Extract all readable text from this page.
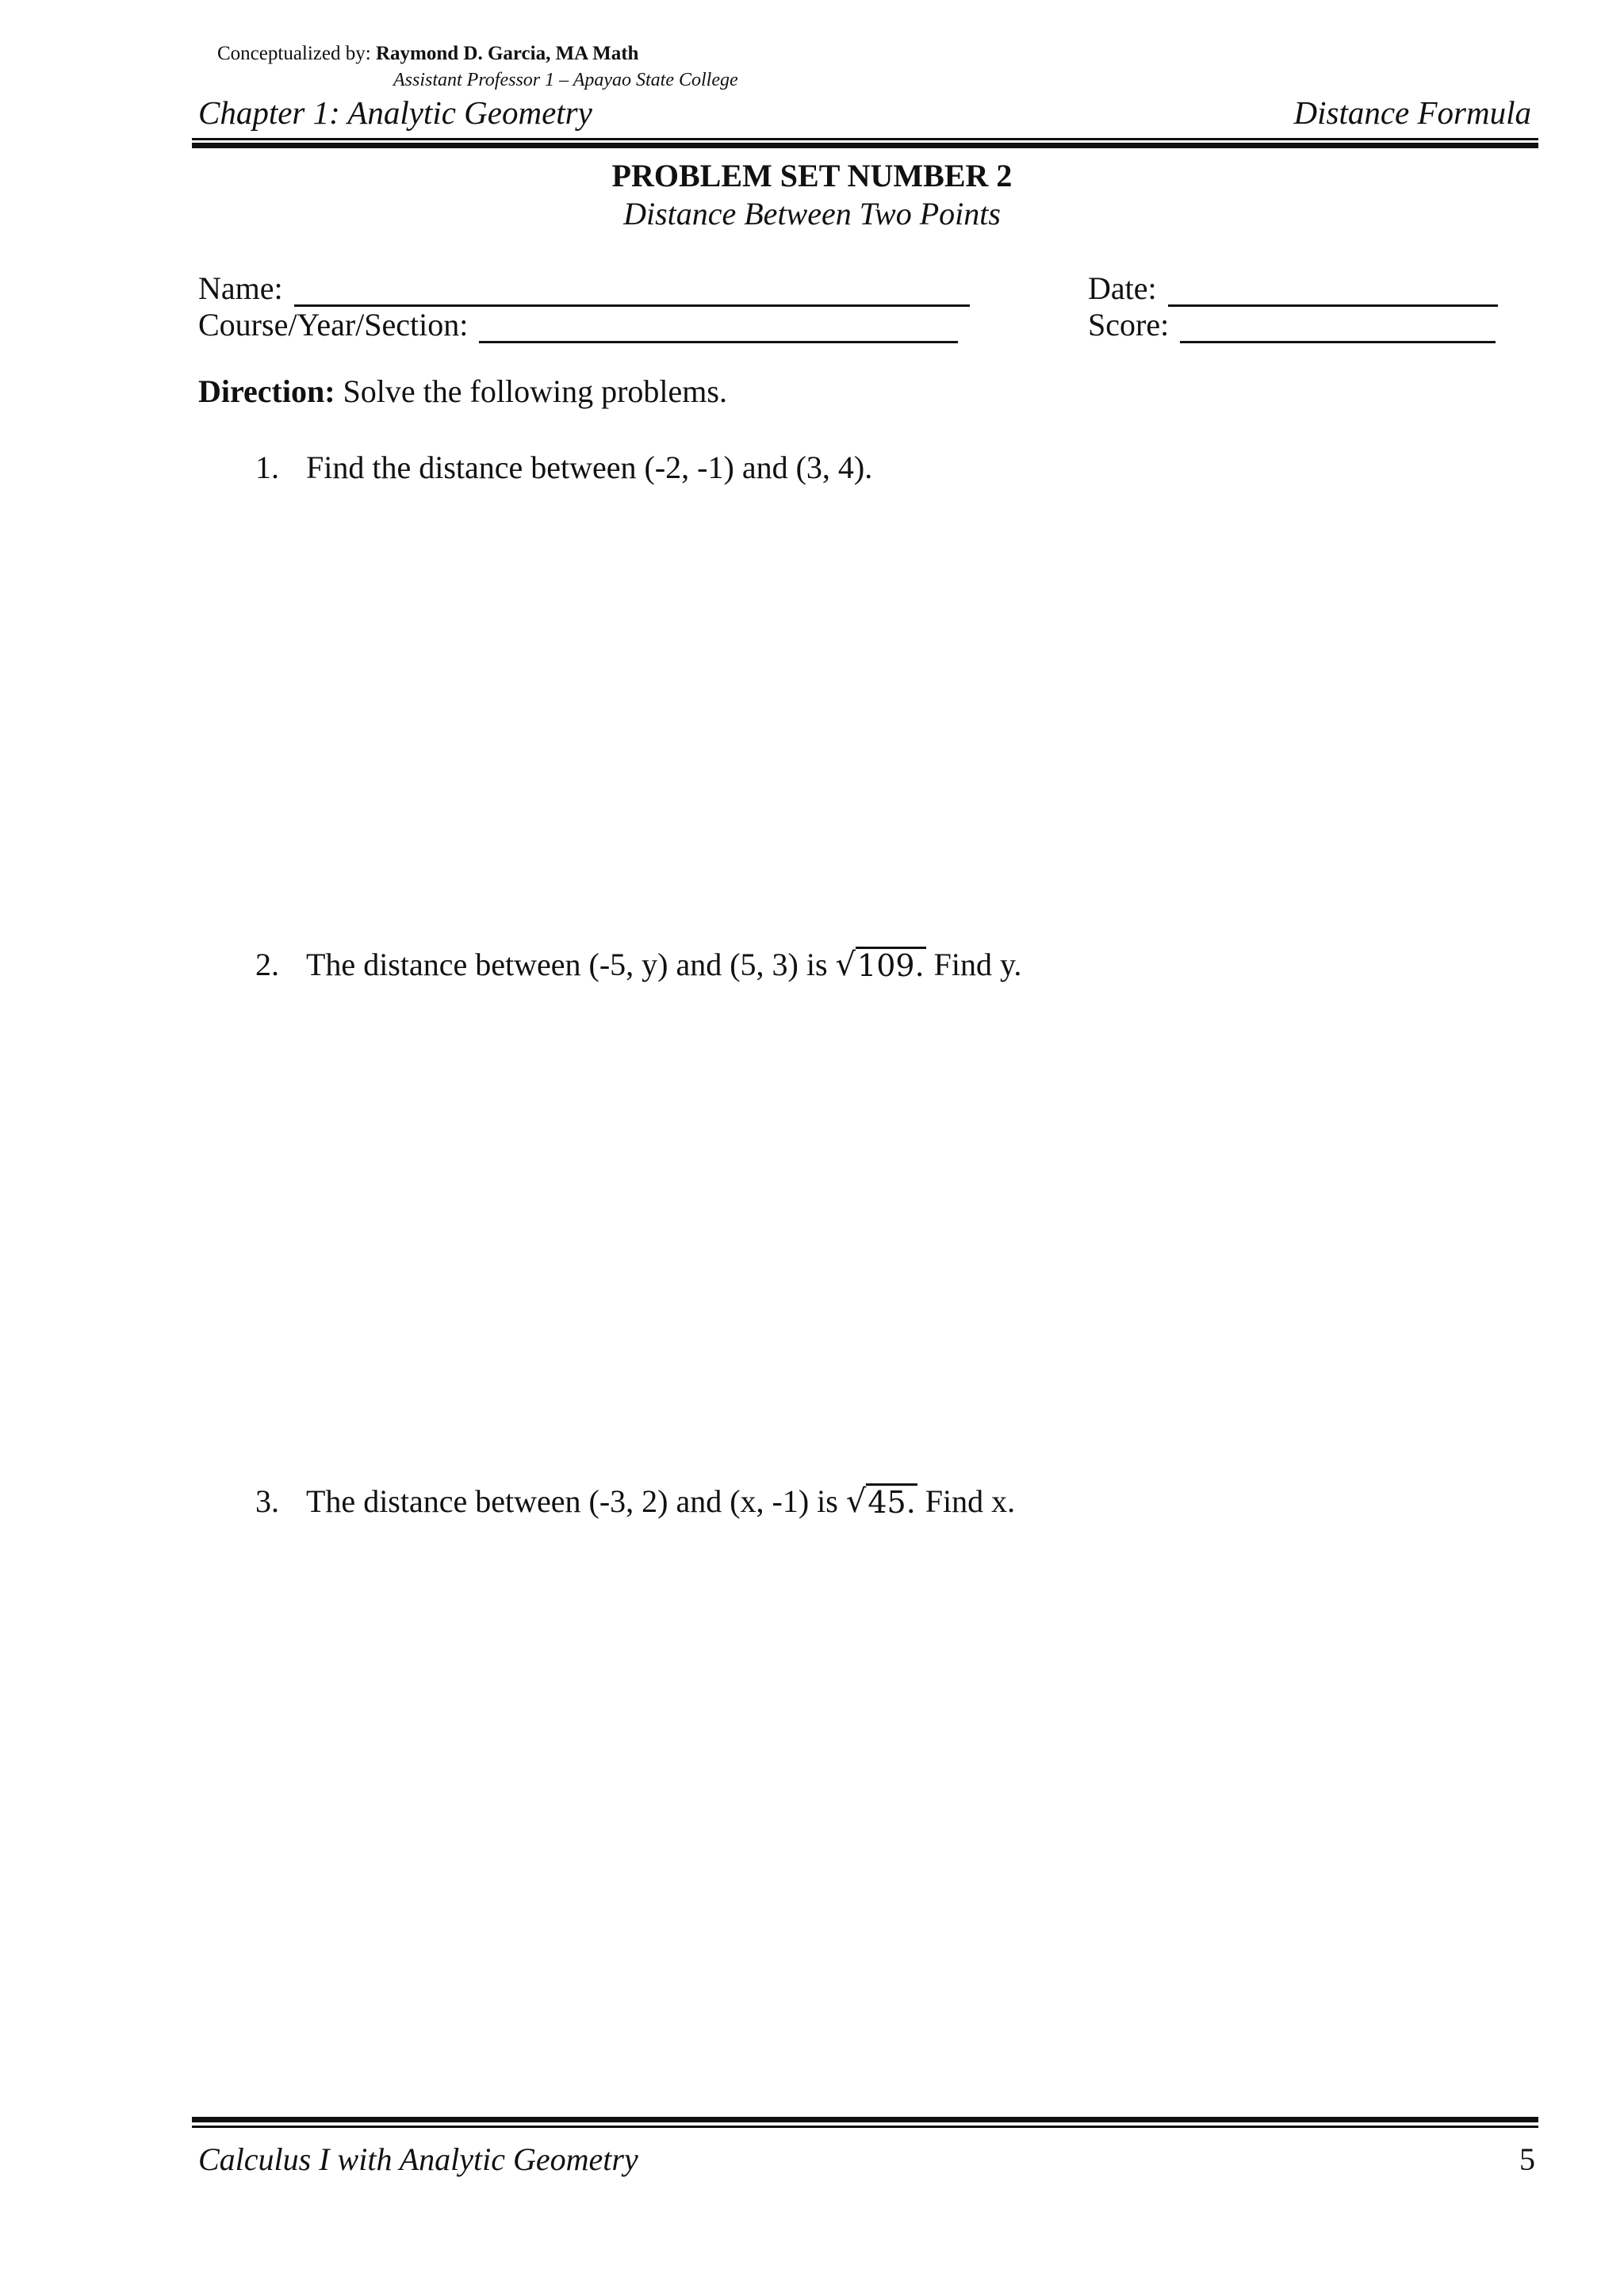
Conceptualized by: Raymond D. Garcia, MA Math
Assistant Professor 1 – Apayao State College
Chapter 1: Analytic Geometry	Distance Formula
PROBLEM SET NUMBER 2
Distance Between Two Points
Name:
Course/Year/Section:
Date:
Score:
Direction: Solve the following problems.
1. Find the distance between (-2, -1) and (3, 4).
2. The distance between (-5, y) and (5, 3) is √ 109. Find y.
3. The distance between (-3, 2) and (x, -1) is √ 45. Find x.
Calculus I with Analytic Geometry	5
